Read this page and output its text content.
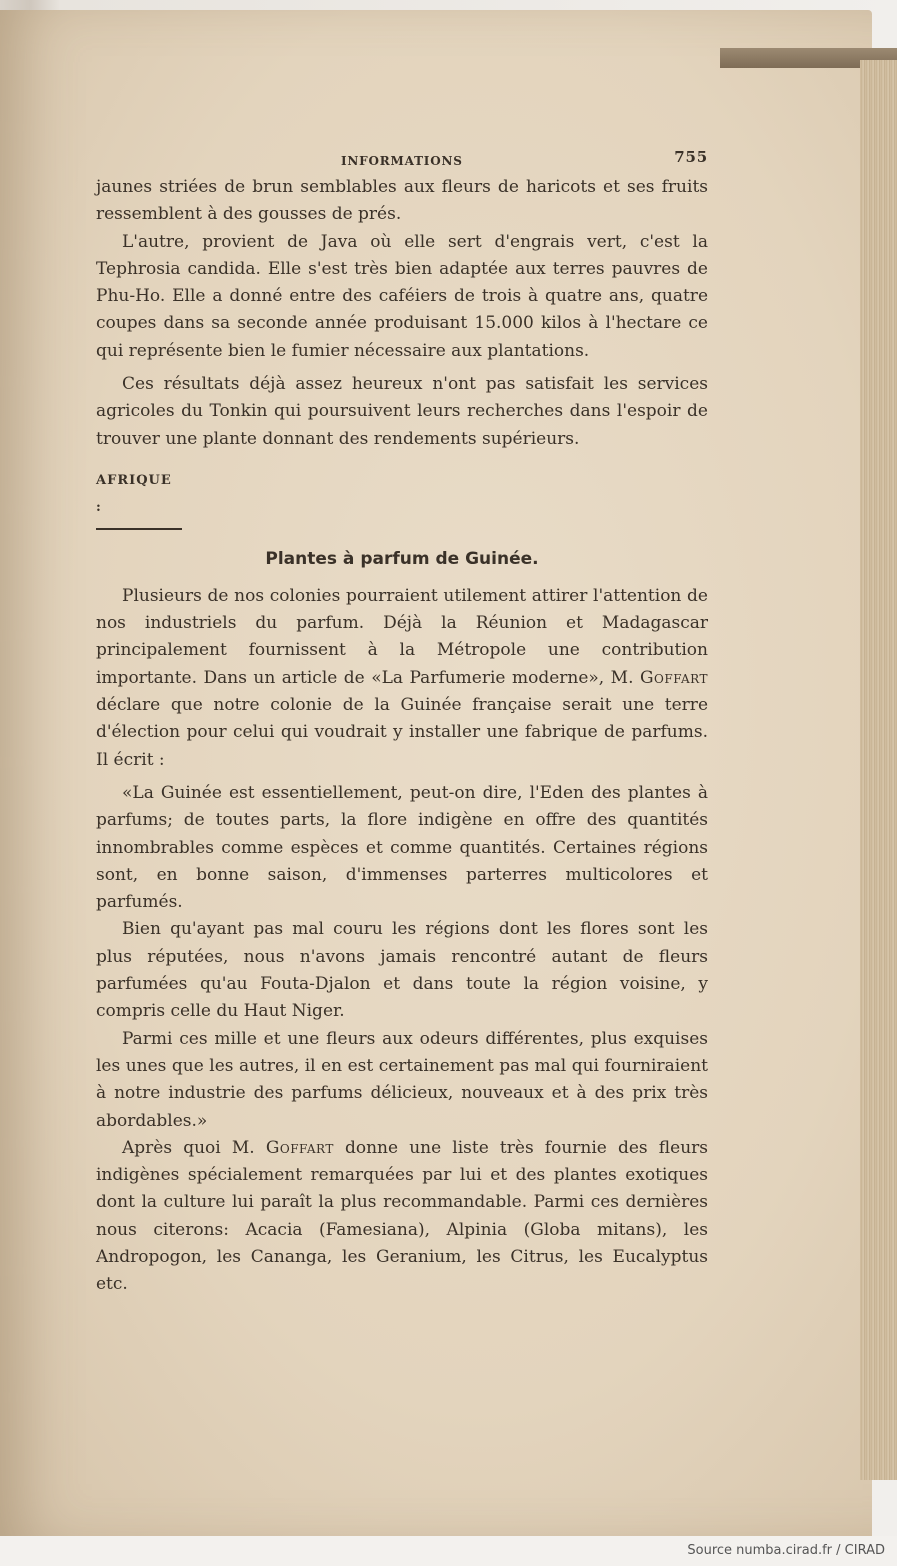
INFORMATIONS	755

jaunes striées de brun semblables aux fleurs de haricots et ses fruits ressemblent à des gousses de prés.

L'autre, provient de Java où elle sert d'engrais vert, c'est la Tephrosia candida. Elle s'est très bien adaptée aux terres pauvres de Phu-Ho. Elle a donné entre des caféiers de trois à quatre ans, quatre coupes dans sa seconde année produisant 15.000 kilos à l'hectare ce qui représente bien le fumier nécessaire aux plantations.

Ces résultats déjà assez heureux n'ont pas satisfait les services agricoles du Tonkin qui poursuivent leurs recherches dans l'espoir de trouver une plante donnant des rendements supérieurs.

AFRIQUE :
Plantes à parfum de Guinée.

Plusieurs de nos colonies pourraient utilement attirer l'attention de nos industriels du parfum. Déjà la Réunion et Madagascar principalement fournissent à la Métropole une contribution importante. Dans un article de «La Parfumerie moderne», M. Goffart déclare que notre colonie de la Guinée française serait une terre d'élection pour celui qui voudrait y installer une fabrique de parfums. Il écrit :

«La Guinée est essentiellement, peut-on dire, l'Eden des plantes à parfums; de toutes parts, la flore indigène en offre des quantités innombrables comme espèces et comme quantités. Certaines régions sont, en bonne saison, d'immenses parterres multicolores et parfumés.

Bien qu'ayant pas mal couru les régions dont les flores sont les plus réputées, nous n'avons jamais rencontré autant de fleurs parfumées qu'au Fouta-Djalon et dans toute la région voisine, y compris celle du Haut Niger.

Parmi ces mille et une fleurs aux odeurs différentes, plus exquises les unes que les autres, il en est certainement pas mal qui fourniraient à notre industrie des parfums délicieux, nouveaux et à des prix très abordables.»

Après quoi M. Goffart donne une liste très fournie des fleurs indigènes spécialement remarquées par lui et des plantes exotiques dont la culture lui paraît la plus recommandable. Parmi ces dernières nous citerons: Acacia (Famesiana), Alpinia (Globa mitans), les Andropogon, les Cananga, les Geranium, les Citrus, les Eucalyptus etc.

Source numba.cirad.fr / CIRAD
